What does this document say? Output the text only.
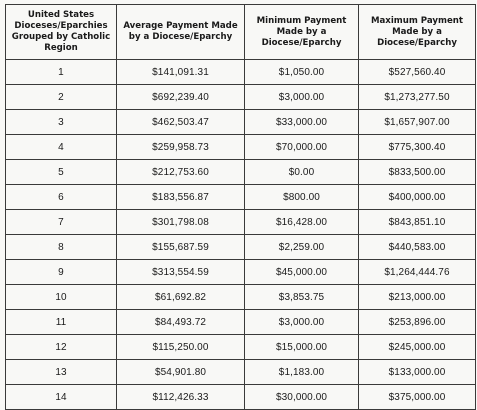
United States Dioceses/Eparchies Grouped by Catholic Region	Average Payment Made by a Diocese/Eparchy	Minimum Payment Made by a Diocese/Eparchy	Maximum Payment Made by a Diocese/Eparchy
1	$141,091.31	$1,050.00	$527,560.40
2	$692,239.40	$3,000.00	$1,273,277.50
3	$462,503.47	$33,000.00	$1,657,907.00
4	$259,958.73	$70,000.00	$775,300.40
5	$212,753.60	$0.00	$833,500.00
6	$183,556.87	$800.00	$400,000.00
7	$301,798.08	$16,428.00	$843,851.10
8	$155,687.59	$2,259.00	$440,583.00
9	$313,554.59	$45,000.00	$1,264,444.76
10	$61,692.82	$3,853.75	$213,000.00
11	$84,493.72	$3,000.00	$253,896.00
12	$115,250.00	$15,000.00	$245,000.00
13	$54,901.80	$1,183.00	$133,000.00
14	$112,426.33	$30,000.00	$375,000.00
